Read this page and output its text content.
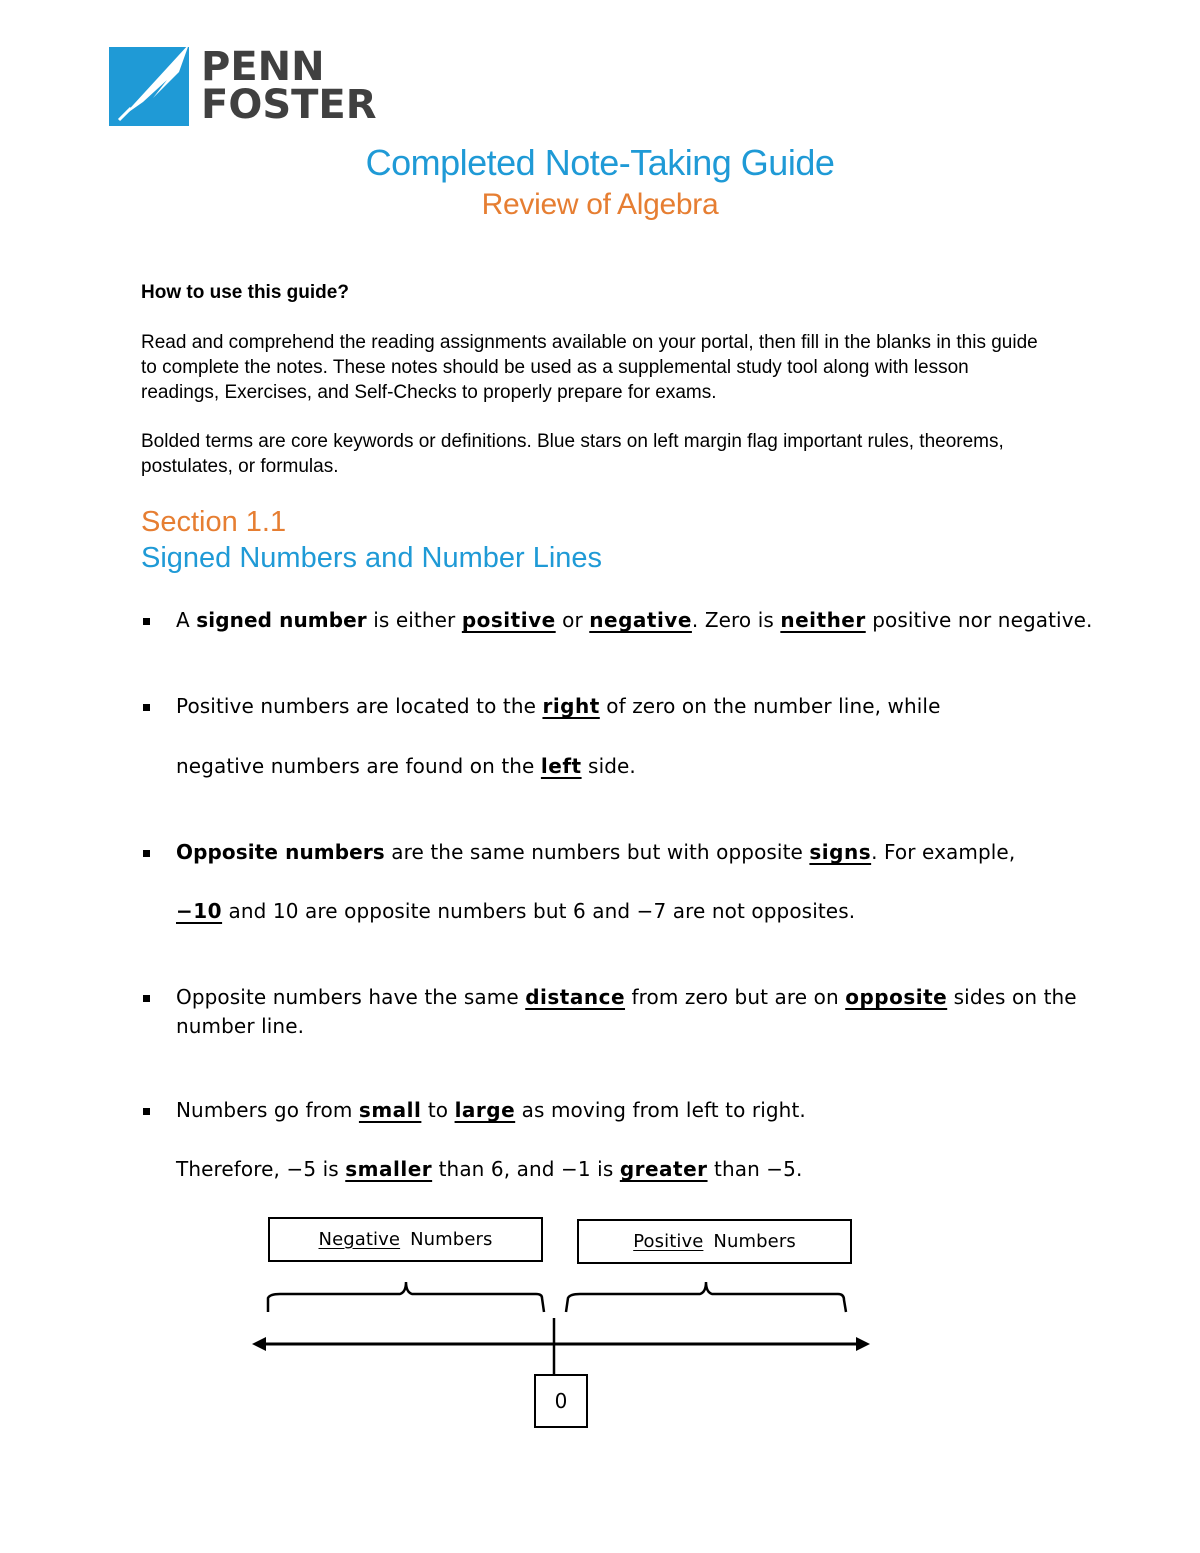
PENN
FOSTER
Completed Note-Taking Guide
Review of Algebra
How to use this guide?
Read and comprehend the reading assignments available on your portal, then fill in the blanks in this guide to complete the notes. These notes should be used as a supplemental study tool along with lesson readings, Exercises, and Self-Checks to properly prepare for exams.
Bolded terms are core keywords or definitions. Blue stars on left margin flag important rules, theorems, postulates, or formulas.
Section 1.1
Signed Numbers and Number Lines
A signed number is either positive or negative. Zero is neither positive nor negative.
Positive numbers are located to the right of zero on the number line, while
negative numbers are found on the left side.
Opposite numbers are the same numbers but with opposite signs. For example,
−10 and 10 are opposite numbers but 6 and −7 are not opposites.
Opposite numbers have the same distance from zero but are on opposite sides on the
number line.
Numbers go from small to large as moving from left to right.
Therefore, −5 is smaller than 6, and −1 is greater than −5.
Negative Numbers	Positive Numbers
0
